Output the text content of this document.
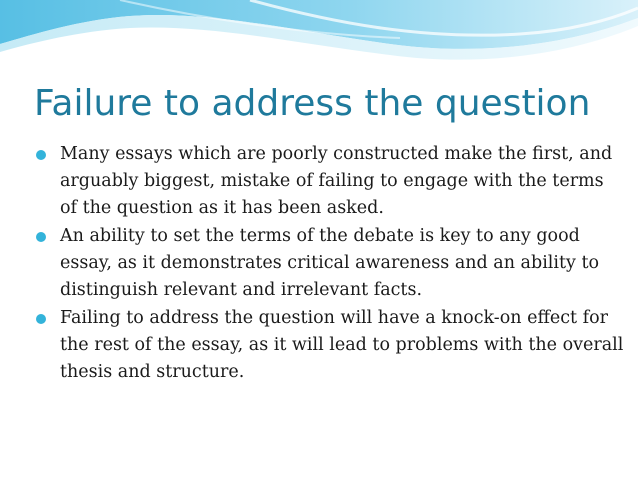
Failure to address the question
Many essays which are poorly constructed make the first, and arguably biggest, mistake of failing to engage with the terms of the question as it has been asked.
An ability to set the terms of the debate is key to any good essay, as it demonstrates critical awareness and an ability to distinguish relevant and irrelevant facts.
Failing to address the question will have a knock-on effect for the rest of the essay, as it will lead to problems with the overall thesis and structure.
